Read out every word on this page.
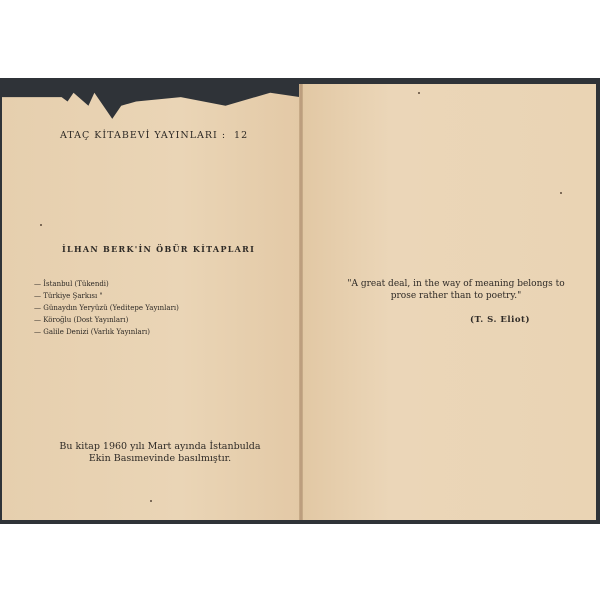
ATAÇ KİTABEVİ YAYINLARI : 12
İLHAN BERK'İN ÖBÜR KİTAPLARI
— İstanbul (Tükendi)
— Türkiye Şarkısı "
— Günaydın Yeryüzü (Yeditepe Yayınları)
— Köroğlu (Dost Yayınları)
— Galile Denizi (Varlık Yayınları)
Bu kitap 1960 yılı Mart ayında İstanbulda
Ekin Basımevinde basılmıştır.
"A great deal, in the way of meaning belongs to
prose rather than to poetry."
(T. S. Eliot)
